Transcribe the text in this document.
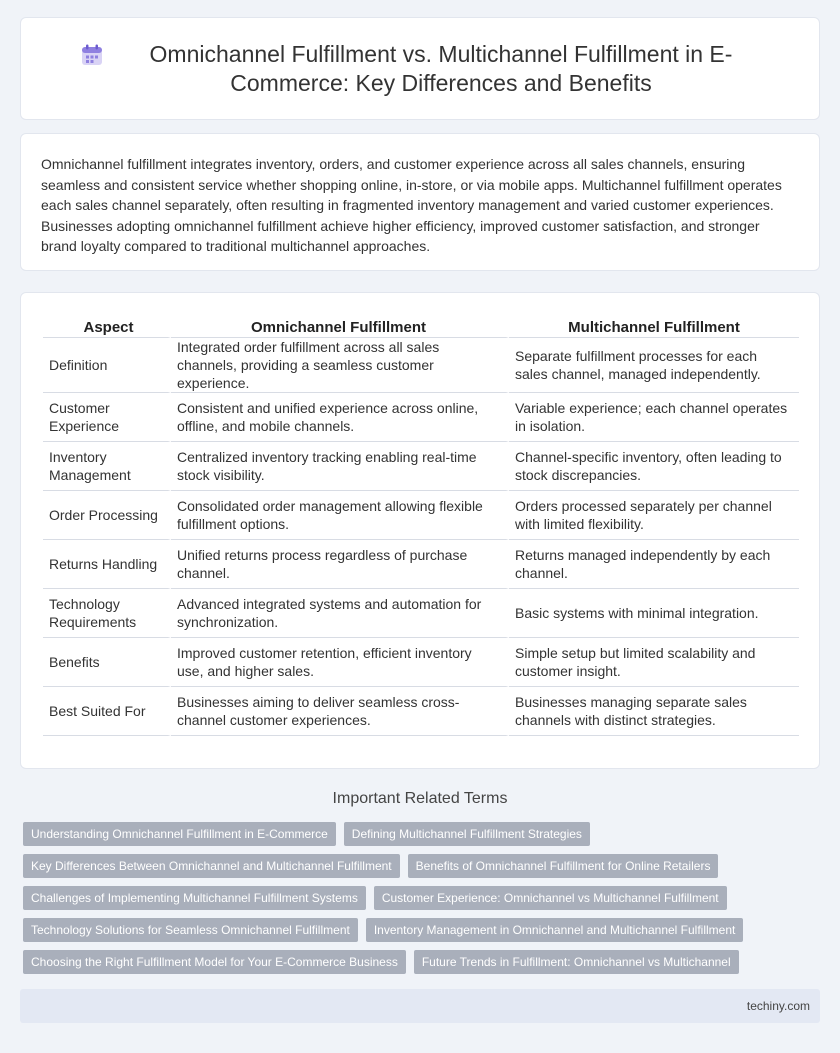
Omnichannel Fulfillment vs. Multichannel Fulfillment in E-Commerce: Key Differences and Benefits

Omnichannel fulfillment integrates inventory, orders, and customer experience across all sales channels, ensuring seamless and consistent service whether shopping online, in-store, or via mobile apps. Multichannel fulfillment operates each sales channel separately, often resulting in fragmented inventory management and varied customer experiences. Businesses adopting omnichannel fulfillment achieve higher efficiency, improved customer satisfaction, and stronger brand loyalty compared to traditional multichannel approaches.

Aspect	Omnichannel Fulfillment	Multichannel Fulfillment
Definition	Integrated order fulfillment across all sales channels, providing a seamless customer experience.	Separate fulfillment processes for each sales channel, managed independently.
Customer Experience	Consistent and unified experience across online, offline, and mobile channels.	Variable experience; each channel operates in isolation.
Inventory Management	Centralized inventory tracking enabling real-time stock visibility.	Channel-specific inventory, often leading to stock discrepancies.
Order Processing	Consolidated order management allowing flexible fulfillment options.	Orders processed separately per channel with limited flexibility.
Returns Handling	Unified returns process regardless of purchase channel.	Returns managed independently by each channel.
Technology Requirements	Advanced integrated systems and automation for synchronization.	Basic systems with minimal integration.
Benefits	Improved customer retention, efficient inventory use, and higher sales.	Simple setup but limited scalability and customer insight.
Best Suited For	Businesses aiming to deliver seamless cross-channel customer experiences.	Businesses managing separate sales channels with distinct strategies.
Important Related Terms
Understanding Omnichannel Fulfillment in E-Commerce	Defining Multichannel Fulfillment Strategies
Key Differences Between Omnichannel and Multichannel Fulfillment	Benefits of Omnichannel Fulfillment for Online Retailers
Challenges of Implementing Multichannel Fulfillment Systems	Customer Experience: Omnichannel vs Multichannel Fulfillment
Technology Solutions for Seamless Omnichannel Fulfillment	Inventory Management in Omnichannel and Multichannel Fulfillment
Choosing the Right Fulfillment Model for Your E-Commerce Business	Future Trends in Fulfillment: Omnichannel vs Multichannel
techiny.com
